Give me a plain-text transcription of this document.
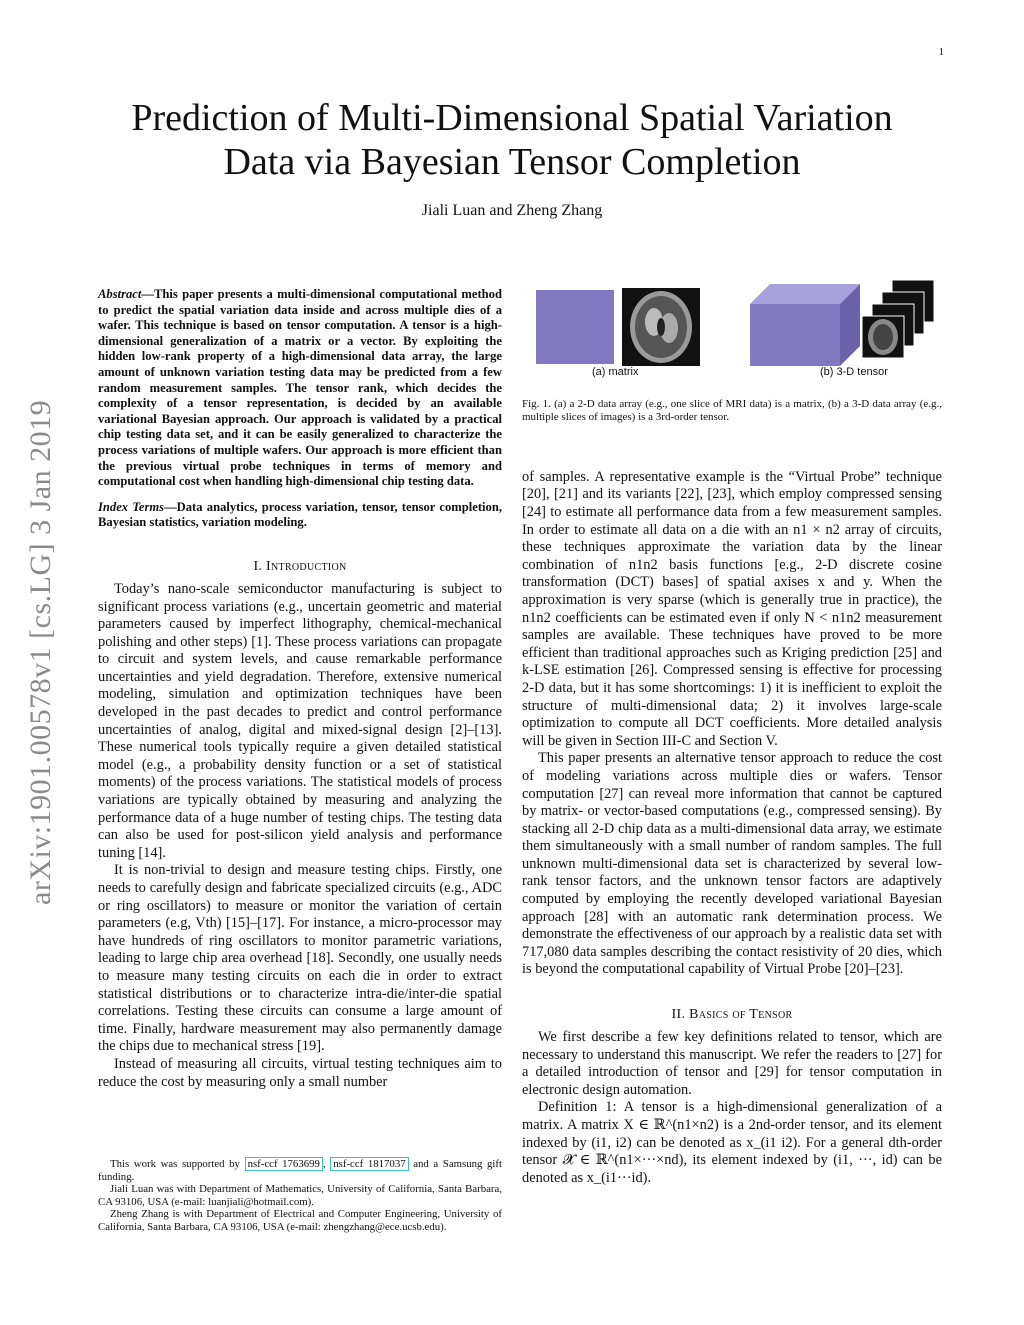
1
arXiv:1901.00578v1 [cs.LG] 3 Jan 2019
Prediction of Multi-Dimensional Spatial Variation
Data via Bayesian Tensor Completion
Jiali Luan and Zheng Zhang

Abstract—This paper presents a multi-dimensional computational method to predict the spatial variation data inside and across multiple dies of a wafer. This technique is based on tensor computation. A tensor is a high-dimensional generalization of a matrix or a vector. By exploiting the hidden low-rank property of a high-dimensional data array, the large amount of unknown variation testing data may be predicted from a few random measurement samples. The tensor rank, which decides the complexity of a tensor representation, is decided by an available variational Bayesian approach. Our approach is validated by a practical chip testing data set, and it can be easily generalized to characterize the process variations of multiple wafers. Our approach is more efficient than the previous virtual probe techniques in terms of memory and computational cost when handling high-dimensional chip testing data.

Index Terms—Data analytics, process variation, tensor, tensor completion, Bayesian statistics, variation modeling.

I. Introduction

Today’s nano-scale semiconductor manufacturing is subject to significant process variations (e.g., uncertain geometric and material parameters caused by imperfect lithography, chemical-mechanical polishing and other steps) [1]. These process variations can propagate to circuit and system levels, and cause remarkable performance uncertainties and yield degradation. Therefore, extensive numerical modeling, simulation and optimization techniques have been developed in the past decades to predict and control performance uncertainties of analog, digital and mixed-signal design [2]–[13]. These numerical tools typically require a given detailed statistical model (e.g., a probability density function or a set of statistical moments) of the process variations. The statistical models of process variations are typically obtained by measuring and analyzing the performance data of a huge number of testing chips. The testing data can also be used for post-silicon yield analysis and performance tuning [14].

It is non-trivial to design and measure testing chips. Firstly, one needs to carefully design and fabricate specialized circuits (e.g., ADC or ring oscillators) to measure or monitor the variation of certain parameters (e.g, Vth) [15]–[17]. For instance, a micro-processor may have hundreds of ring oscillators to monitor parametric variations, leading to large chip area overhead [18]. Secondly, one usually needs to measure many testing circuits on each die in order to extract statistical distributions or to characterize intra-die/inter-die spatial correlations. Testing these circuits can consume a large amount of time. Finally, hardware measurement may also permanently damage the chips due to mechanical stress [19].

Instead of measuring all circuits, virtual testing techniques aim to reduce the cost by measuring only a small number

This work was supported by nsf-ccf 1763699 , nsf-ccf 1817037 and a Samsung gift funding.

Jiali Luan was with Department of Mathematics, University of California, Santa Barbara, CA 93106, USA (e-mail: luanjiali@hotmail.com).

Zheng Zhang is with Department of Electrical and Computer Engineering, University of California, Santa Barbara, CA 93106, USA (e-mail: zhengzhang@ece.ucsb.edu).

(a) matrix	(b) 3-D tensor

Fig. 1. (a) a 2-D data array (e.g., one slice of MRI data) is a matrix, (b) a 3-D data array (e.g., multiple slices of images) is a 3rd-order tensor.

of samples. A representative example is the “Virtual Probe” technique [20], [21] and its variants [22], [23], which employ compressed sensing [24] to estimate all performance data from a few measurement samples. In order to estimate all data on a die with an n1 × n2 array of circuits, these techniques approximate the variation data by the linear combination of n1n2 basis functions [e.g., 2-D discrete cosine transformation (DCT) bases] of spatial axises x and y. When the approximation is very sparse (which is generally true in practice), the n1n2 coefficients can be estimated even if only N < n1n2 measurement samples are available. These techniques have proved to be more efficient than traditional approaches such as Kriging prediction [25] and k-LSE estimation [26]. Compressed sensing is effective for processing 2-D data, but it has some shortcomings: 1) it is inefficient to exploit the structure of multi-dimensional data; 2) it involves large-scale optimization to compute all DCT coefficients. More detailed analysis will be given in Section III-C and Section V.

This paper presents an alternative tensor approach to reduce the cost of modeling variations across multiple dies or wafers. Tensor computation [27] can reveal more information that cannot be captured by matrix- or vector-based computations (e.g., compressed sensing). By stacking all 2-D chip data as a multi-dimensional data array, we estimate them simultaneously with a small number of random samples. The full unknown multi-dimensional data set is characterized by several low-rank tensor factors, and the unknown tensor factors are adaptively computed by employing the recently developed variational Bayesian approach [28] with an automatic rank determination process. We demonstrate the effectiveness of our approach by a realistic data set with 717,080 data samples describing the contact resistivity of 20 dies, which is beyond the computational capability of Virtual Probe [20]–[23].

II. Basics of Tensor

We first describe a few key definitions related to tensor, which are necessary to understand this manuscript. We refer the readers to [27] for a detailed introduction of tensor and [29] for tensor computation in electronic design automation.

Definition 1: A tensor is a high-dimensional generalization of a matrix. A matrix X ∈ ℝ^(n1×n2) is a 2nd-order tensor, and its element indexed by (i1, i2) can be denoted as x_(i1 i2). For a general dth-order tensor 𝓧 ∈ ℝ^(n1×···×nd), its element indexed by (i1, ···, id) can be denoted as x_(i1···id).
